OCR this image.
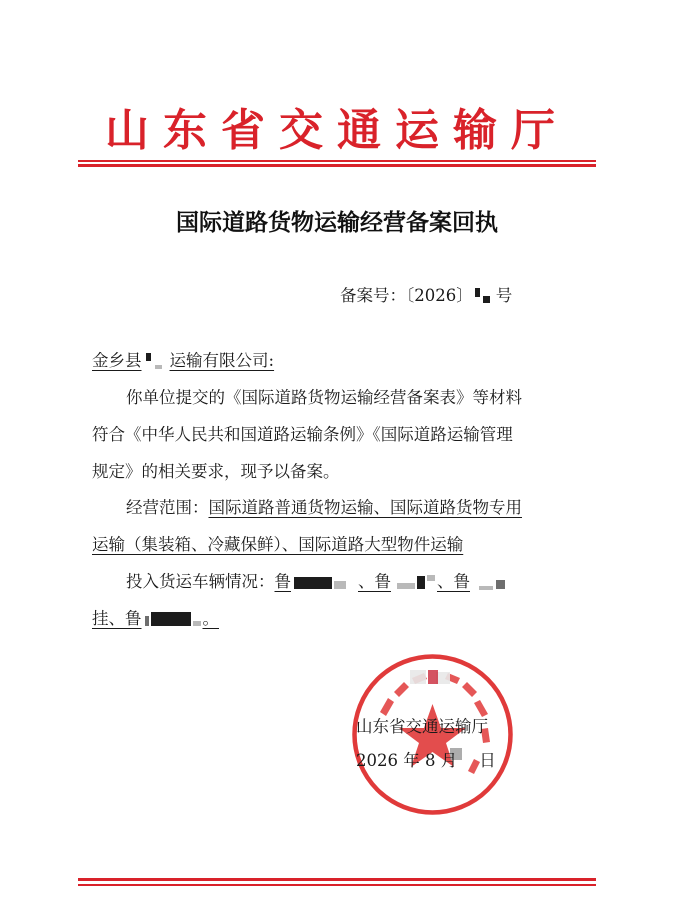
山东省交通运输厅
国际道路货物运输经营备案回执
备案号：〔2026〕 号
金乡县 运输有限公司:
你单位提交的《国际道路货物运输经营备案表》等材料
符合《中华人民共和国道路运输条例》《国际道路运输管理
规定》的相关要求，现予以备案。
经营范围：国际道路普通货物运输、国际道路货物专用
运输（集装箱、冷藏保鲜）、国际道路大型物件运输
投入货运车辆情况：鲁	、鲁	、鲁
挂、鲁	。
山东省交通运输厅
2026 年 8 月 日
